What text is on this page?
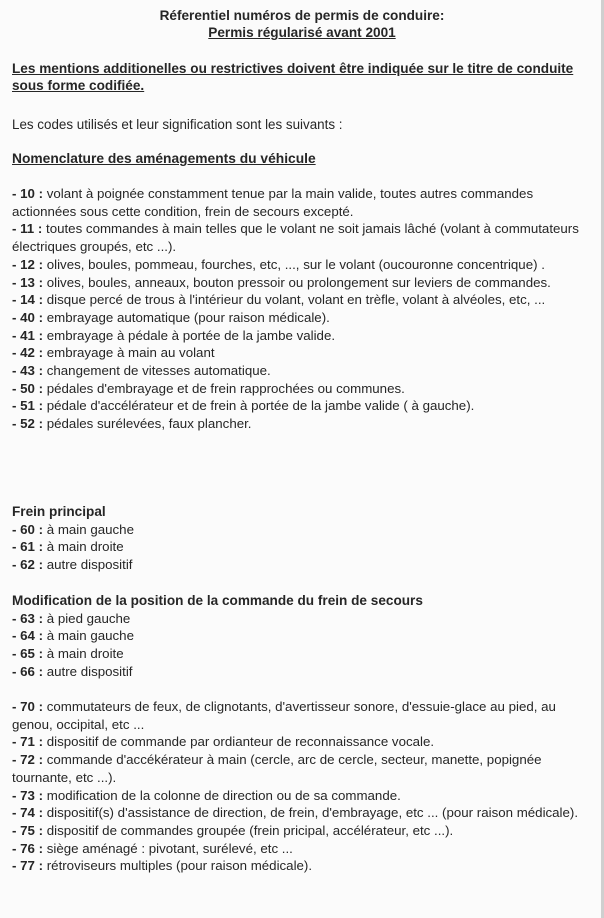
Réferentiel numéros de permis de conduire:
Permis régularisé avant 2001
Les mentions additionelles ou restrictives doivent être indiquée sur le titre de conduite sous forme codifiée.
Les codes utilisés et leur signification sont les suivants :
Nomenclature des aménagements du véhicule
- 10 : volant à poignée constamment tenue par la main valide, toutes autres commandes actionnées sous cette condition, frein de secours excepté.
- 11 : toutes commandes à main telles que le volant ne soit jamais lâché (volant à commutateurs électriques groupés, etc ...).
- 12 : olives, boules, pommeau, fourches, etc, ..., sur le volant (oucouronne concentrique) .
- 13 : olives, boules, anneaux, bouton pressoir ou prolongement sur leviers de commandes.
- 14 : disque percé de trous à l'intérieur du volant, volant en trèfle, volant à alvéoles, etc, ...
- 40 : embrayage automatique (pour raison médicale).
- 41 : embrayage à pédale à portée de la jambe valide.
- 42 : embrayage à main au volant
- 43 : changement de vitesses automatique.
- 50 : pédales d'embrayage et de frein rapprochées ou communes.
- 51 : pédale d'accélérateur et de frein à portée de la jambe valide ( à gauche).
- 52 : pédales surélevées, faux plancher.
Frein principal
- 60 : à main gauche
- 61 : à main droite
- 62 : autre dispositif
Modification de la position de la commande du frein de secours
- 63 : à pied gauche
- 64 : à main gauche
- 65 : à main droite
- 66 : autre dispositif
- 70 : commutateurs de feux, de clignotants, d'avertisseur sonore, d'essuie-glace au pied, au genou, occipital, etc ...
- 71 : dispositif de commande par ordianteur de reconnaissance vocale.
- 72 : commande d'accékérateur à main (cercle, arc de cercle, secteur, manette, popignée tournante, etc ...).
- 73 : modification de la colonne de direction ou de sa commande.
- 74 : dispositif(s) d'assistance de direction, de frein, d'embrayage, etc ... (pour raison médicale).
- 75 : dispositif de commandes groupée (frein pricipal, accélérateur, etc ...).
- 76 : siège aménagé : pivotant, surélevé, etc ...
- 77 : rétroviseurs multiples (pour raison médicale).
